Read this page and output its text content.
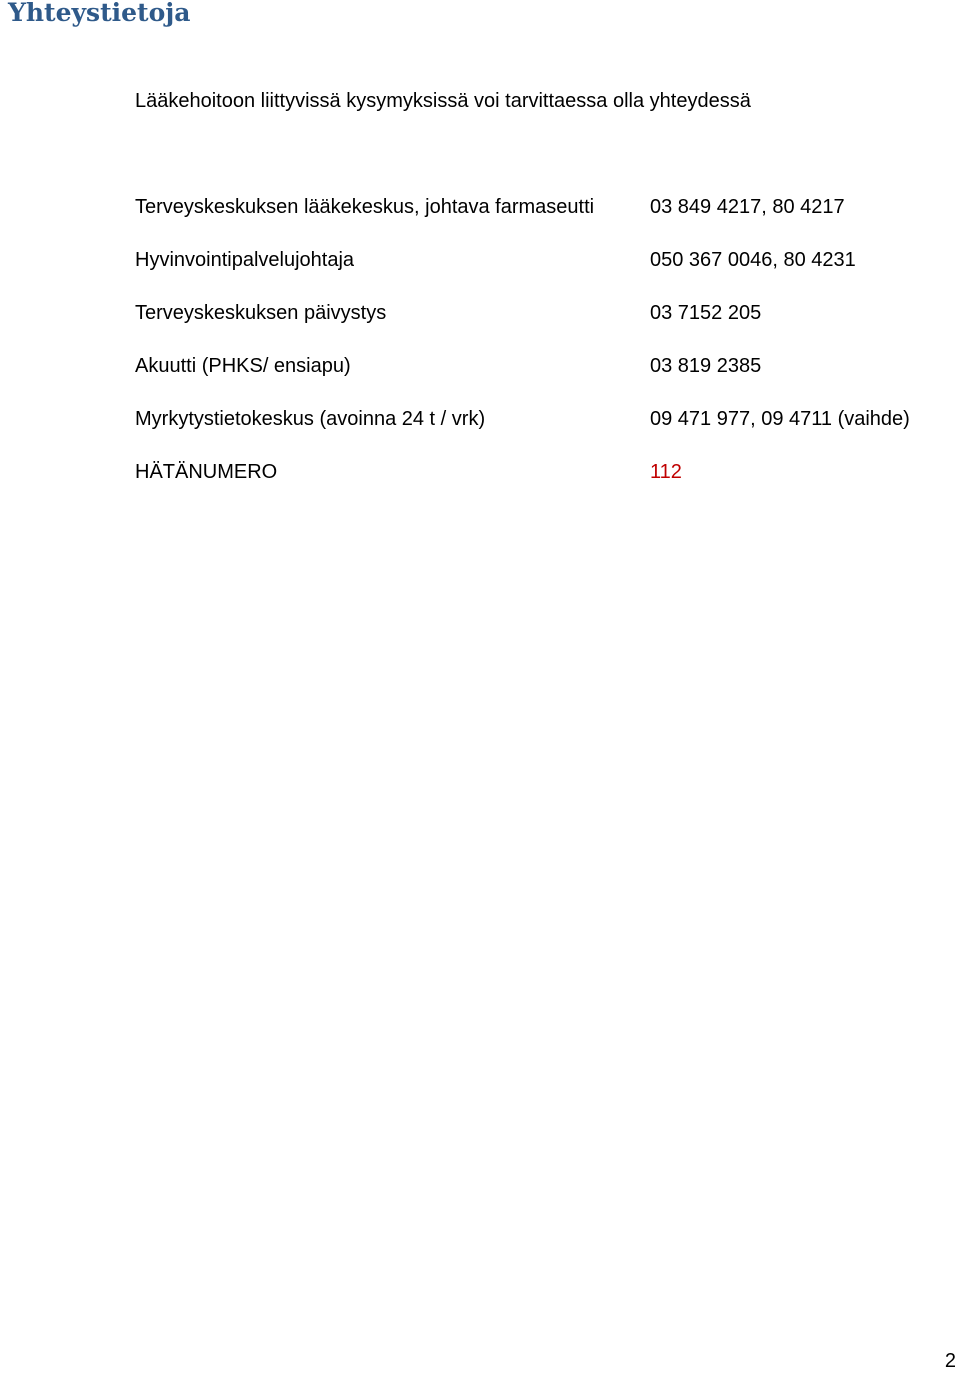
Yhteystietoja
Lääkehoitoon liittyvissä kysymyksissä voi tarvittaessa olla yhteydessä
Terveyskeskuksen lääkekeskus, johtava farmaseutti	03 849 4217, 80 4217
Hyvinvointipalvelujohtaja	050 367 0046, 80 4231
Terveyskeskuksen päivystys	03 7152 205
Akuutti (PHKS/ ensiapu)	03 819 2385
Myrkytystietokeskus (avoinna 24 t / vrk)	09 471 977, 09 4711 (vaihde)
HÄTÄNUMERO	112
2
